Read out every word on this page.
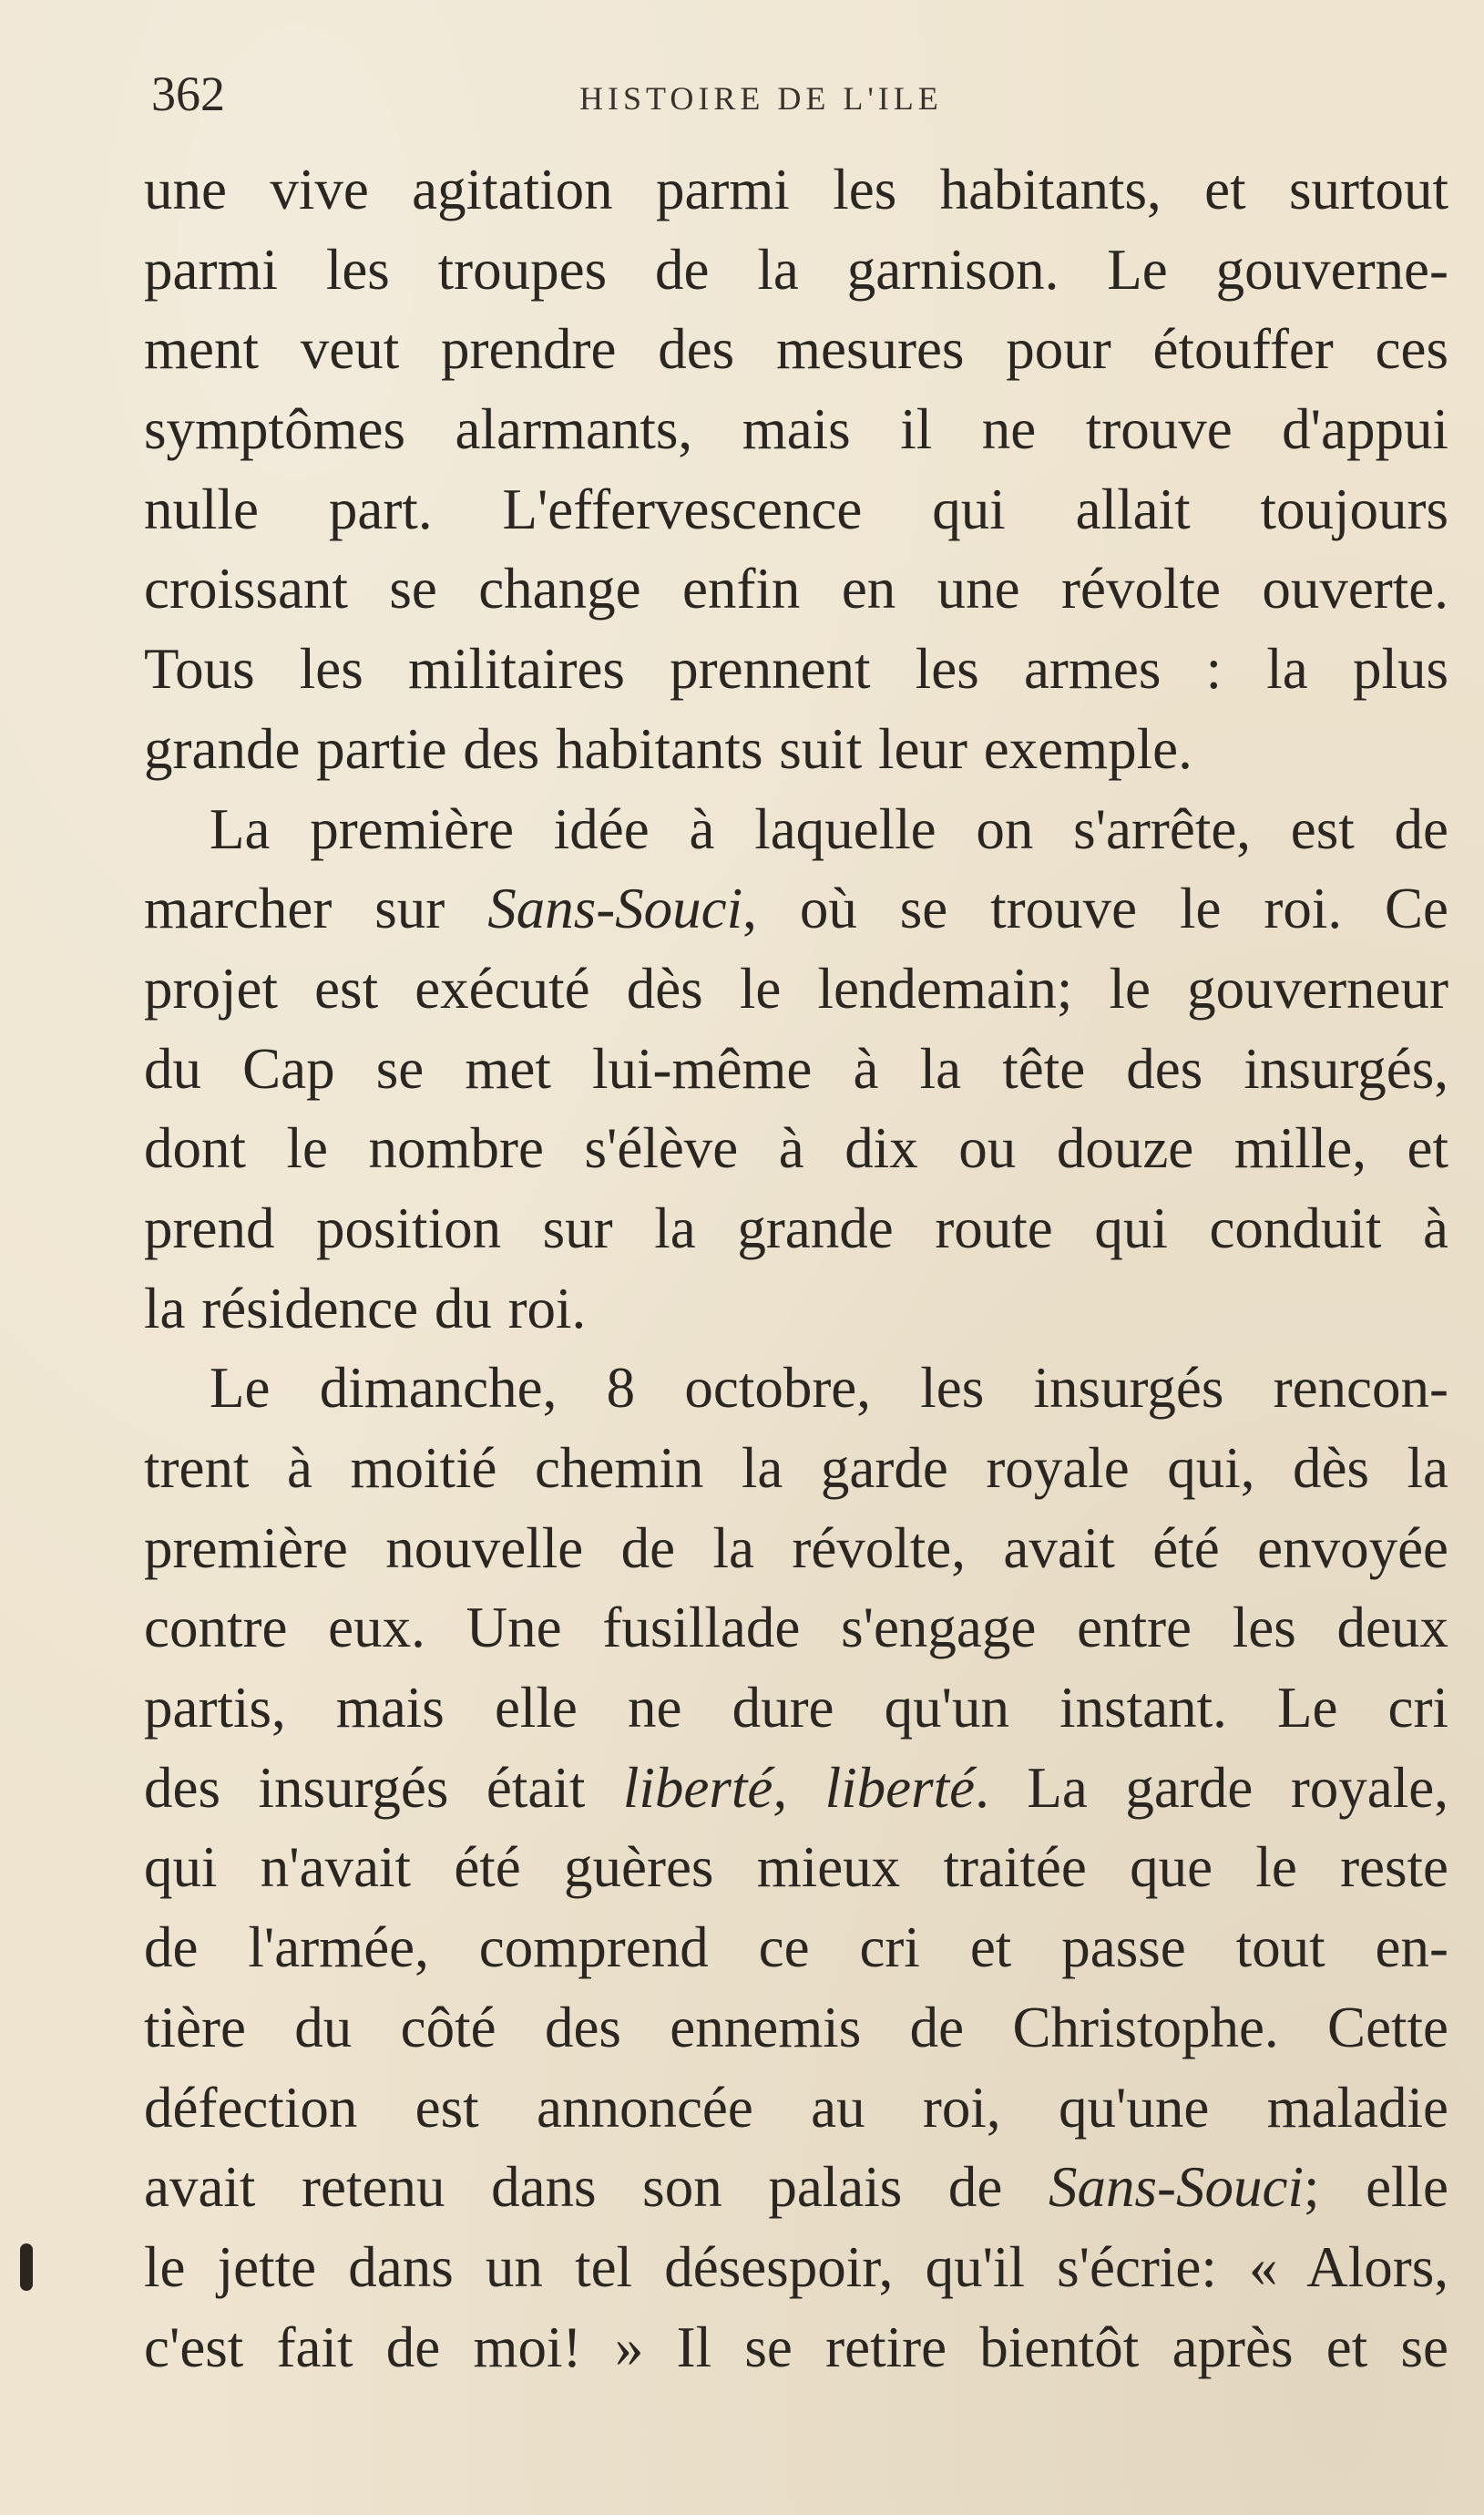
362	HISTOIRE DE L'ILE
une vive agitation parmi les habitants, et surtout
parmi les troupes de la garnison. Le gouverne-
ment veut prendre des mesures pour étouffer ces
symptômes alarmants, mais il ne trouve d'appui
nulle part. L'effervescence qui allait toujours
croissant se change enfin en une révolte ouverte.
Tous les militaires prennent les armes : la plus
grande partie des habitants suit leur exemple.
La première idée à laquelle on s'arrête, est de
marcher sur Sans-Souci, où se trouve le roi. Ce
projet est exécuté dès le lendemain; le gouverneur
du Cap se met lui-même à la tête des insurgés,
dont le nombre s'élève à dix ou douze mille, et
prend position sur la grande route qui conduit à
la résidence du roi.
Le dimanche, 8 octobre, les insurgés rencon-
trent à moitié chemin la garde royale qui, dès la
première nouvelle de la révolte, avait été envoyée
contre eux. Une fusillade s'engage entre les deux
partis, mais elle ne dure qu'un instant. Le cri
des insurgés était liberté, liberté. La garde royale,
qui n'avait été guères mieux traitée que le reste
de l'armée, comprend ce cri et passe tout en-
tière du côté des ennemis de Christophe. Cette
défection est annoncée au roi, qu'une maladie
avait retenu dans son palais de Sans-Souci; elle
le jette dans un tel désespoir, qu'il s'écrie: « Alors,
c'est fait de moi! » Il se retire bientôt après et se
